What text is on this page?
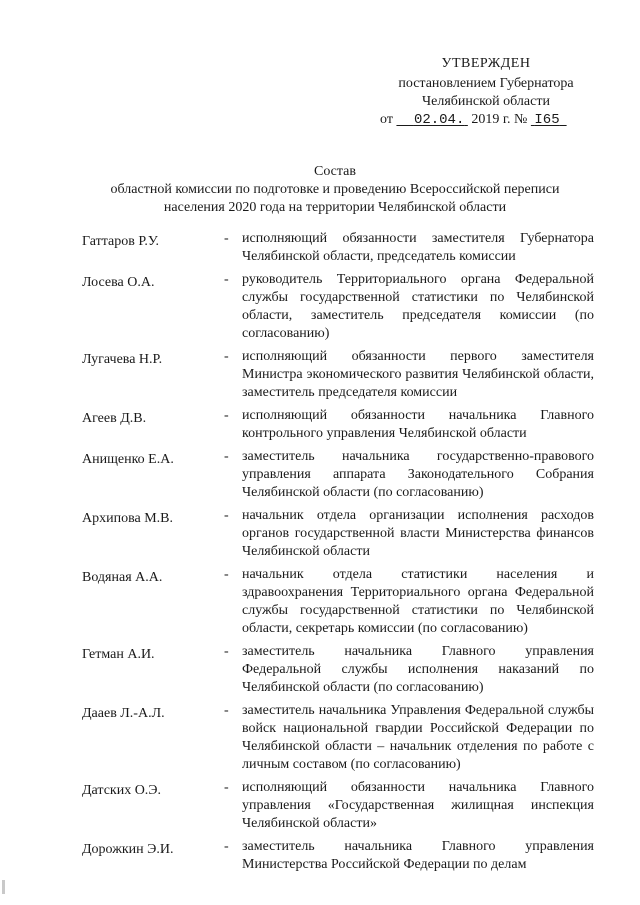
УТВЕРЖДЕН
постановлением Губернатора
Челябинской области
от 02.04. 2019 г. № I65
Состав
областной комиссии по подготовке и проведению Всероссийской переписи
населения 2020 года на территории Челябинской области
Гаттаров Р.У.	- исполняющий обязанности заместителя Губернатора Челябинской области, председатель комиссии
Лосева О.А.	- руководитель Территориального органа Федеральной службы государственной статистики по Челябинской области, заместитель председателя комиссии (по согласованию)
Лугачева Н.Р.	- исполняющий обязанности первого заместителя Министра экономического развития Челябинской области, заместитель председателя комиссии
Агеев Д.В.	- исполняющий обязанности начальника Главного контрольного управления Челябинской области
Анищенко Е.А.	- заместитель начальника государственно-правового управления аппарата Законодательного Собрания Челябинской области (по согласованию)
Архипова М.В.	- начальник отдела организации исполнения расходов органов государственной власти Министерства финансов Челябинской области
Водяная А.А.	- начальник отдела статистики населения и здравоохранения Территориального органа Федеральной службы государственной статистики по Челябинской области, секретарь комиссии (по согласованию)
Гетман А.И.	- заместитель начальника Главного управления Федеральной службы исполнения наказаний по Челябинской области (по согласованию)
Дааев Л.-А.Л.	- заместитель начальника Управления Федеральной службы войск национальной гвардии Российской Федерации по Челябинской области – начальник отделения по работе с личным составом (по согласованию)
Датских О.Э.	- исполняющий обязанности начальника Главного управления «Государственная жилищная инспекция Челябинской области»
Дорожкин Э.И.	- заместитель начальника Главного управления Министерства Российской Федерации по делам
